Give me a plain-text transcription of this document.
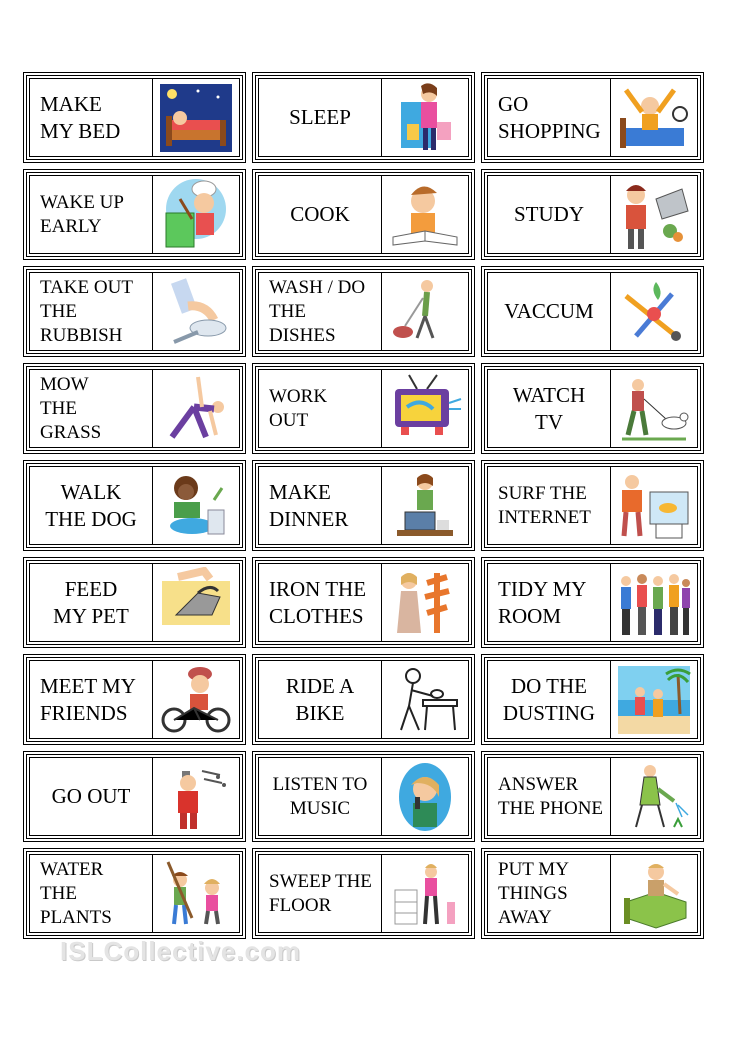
MAKE
MY BED
SLEEP
GO
SHOPPING
WAKE UP
EARLY	COOK	STUDY
TAKE OUT
THE
RUBBISH
WASH / DO
THE
DISHES
VACCUM
MOW
THE
GRASS
WORK
OUT
WATCH
TV
WALK
THE DOG
MAKE
DINNER
SURF THE
INTERNET
FEED
MY PET
IRON THE
CLOTHES
TIDY MY
ROOM
MEET MY
FRIENDS
RIDE A
BIKE
DO THE
DUSTING
GO OUT	LISTEN TO
MUSIC
ANSWER
THE PHONE
WATER
THE
PLANTS
SWEEP THE
FLOOR
PUT MY
THINGS
AWAY
ISLCollective.com
